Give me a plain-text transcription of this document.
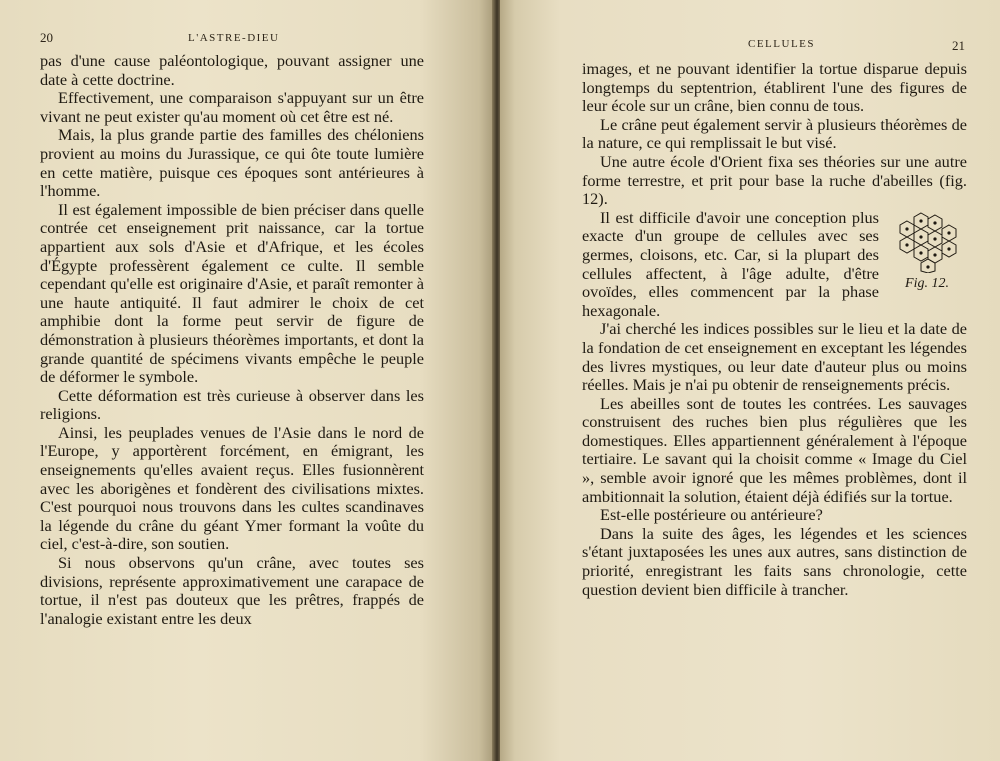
20	L'ASTRE-DIEU

pas d'une cause paléontologique, pouvant assigner une date à cette doctrine.

Effectivement, une comparaison s'appuyant sur un être vivant ne peut exister qu'au moment où cet être est né.

Mais, la plus grande partie des familles des chéloniens provient au moins du Jurassique, ce qui ôte toute lumière en cette matière, puisque ces époques sont antérieures à l'homme.

Il est également impossible de bien préciser dans quelle contrée cet enseignement prit naissance, car la tortue appartient aux sols d'Asie et d'Afrique, et les écoles d'Égypte professèrent également ce culte. Il semble cependant qu'elle est originaire d'Asie, et paraît remonter à une haute antiquité. Il faut admirer le choix de cet amphibie dont la forme peut servir de figure de démonstration à plusieurs théorèmes importants, et dont la grande quantité de spécimens vivants empêche le peuple de déformer le symbole.

Cette déformation est très curieuse à observer dans les religions.

Ainsi, les peuplades venues de l'Asie dans le nord de l'Europe, y apportèrent forcément, en émigrant, les enseignements qu'elles avaient reçus. Elles fusionnèrent avec les aborigènes et fondèrent des civilisations mixtes. C'est pourquoi nous trouvons dans les cultes scandinaves la légende du crâne du géant Ymer formant la voûte du ciel, c'est-à-dire, son soutien.

Si nous observons qu'un crâne, avec toutes ses divisions, représente approximativement une carapace de tortue, il n'est pas douteux que les prêtres, frappés de l'analogie existant entre les deux

CELLULES	21

images, et ne pouvant identifier la tortue disparue depuis longtemps du septentrion, établirent l'une des figures de leur école sur un crâne, bien connu de tous.

Le crâne peut également servir à plusieurs théorèmes de la nature, ce qui remplissait le but visé.

Une autre école d'Orient fixa ses théories sur une autre forme terrestre, et prit pour base la ruche d'abeilles (fig. 12).

Fig. 12.

Il est difficile d'avoir une conception plus exacte d'un groupe de cellules avec ses germes, cloisons, etc. Car, si la plupart des cellules affectent, à l'âge adulte, d'être ovoïdes, elles commencent par la phase hexagonale.

J'ai cherché les indices possibles sur le lieu et la date de la fondation de cet enseignement en exceptant les légendes des livres mystiques, ou leur date d'auteur plus ou moins réelles. Mais je n'ai pu obtenir de renseignements précis.

Les abeilles sont de toutes les contrées. Les sauvages construisent des ruches bien plus régulières que les domestiques. Elles appartiennent généralement à l'époque tertiaire. Le savant qui la choisit comme « Image du Ciel », semble avoir ignoré que les mêmes problèmes, dont il ambitionnait la solution, étaient déjà édifiés sur la tortue.

Est-elle postérieure ou antérieure?

Dans la suite des âges, les légendes et les sciences s'étant juxtaposées les unes aux autres, sans distinction de priorité, enregistrant les faits sans chronologie, cette question devient bien difficile à trancher.
